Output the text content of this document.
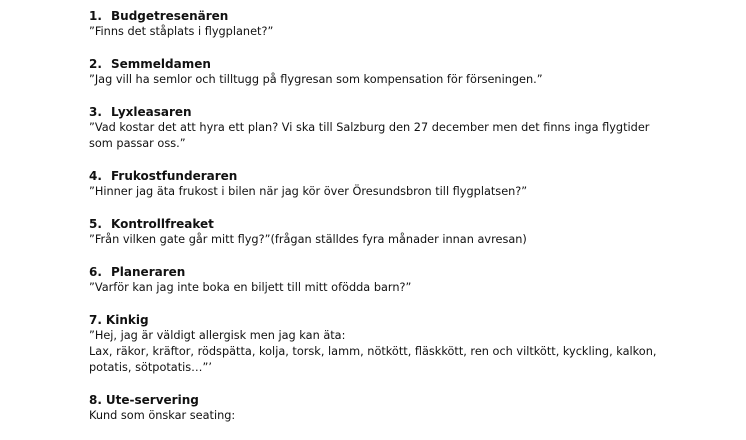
1. Budgetresenären
”Finns det ståplats i flygplanet?”
2. Semmeldamen
”Jag vill ha semlor och tilltugg på flygresan som kompensation för förseningen.”
3. Lyxleasaren
”Vad kostar det att hyra ett plan? Vi ska till Salzburg den 27 december men det finns inga flygtider
som passar oss.”
4. Frukostfunderaren
”Hinner jag äta frukost i bilen när jag kör över Öresundsbron till flygplatsen?”
5. Kontrollfreaket
”Från vilken gate går mitt flyg?”(frågan ställdes fyra månader innan avresan)
6. Planeraren
”Varför kan jag inte boka en biljett till mitt ofödda barn?”
7. Kinkig
”Hej, jag är väldigt allergisk men jag kan äta:
Lax, räkor, kräftor, rödspätta, kolja, torsk, lamm, nötkött, fläskkött, ren och viltkött, kyckling, kalkon,
potatis, sötpotatis…”’
8. Ute-servering
Kund som önskar seating:
